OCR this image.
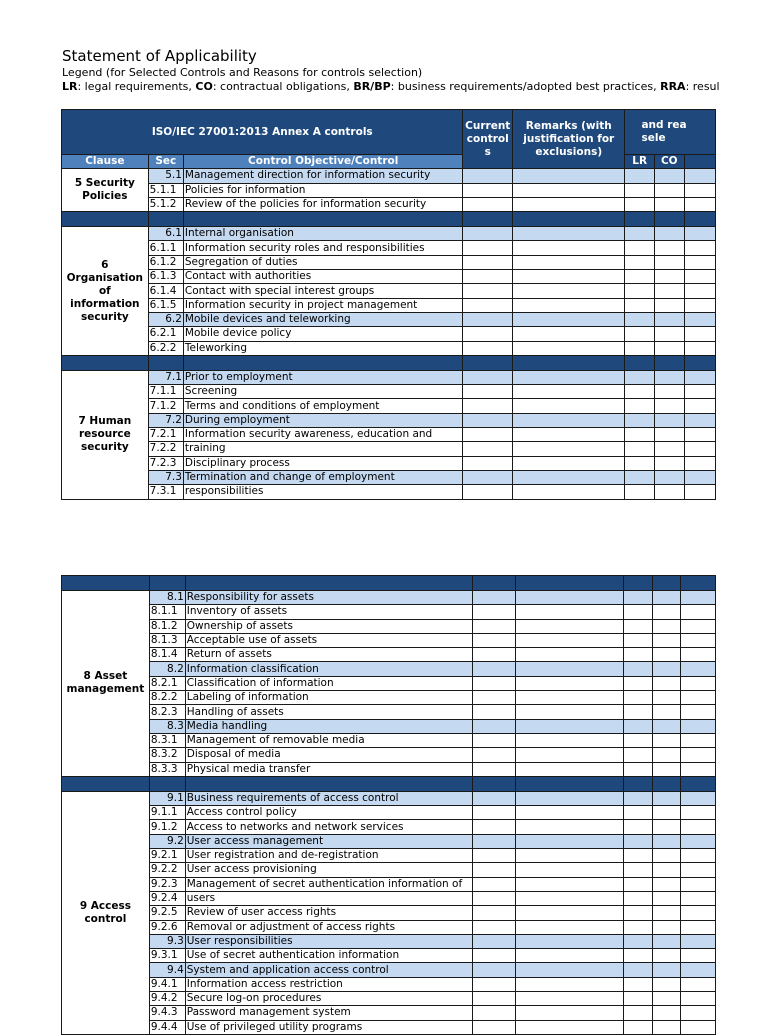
Statement of Applicability
Legend (for Selected Controls and Reasons for controls selection)
LR: legal requirements, CO: contractual obligations, BR/BP: business requirements/adopted best practices, RRA: resul
ISO/IEC 27001:2013 Annex A controls			Current control s	Remarks (with justification for exclusions)	and rea sele		
Clause	Sec	Control Objective/Control			LR	CO	
5 Security Policies	5.1	Management direction for information security					
	5.1.1	Policies for information					
	5.1.2	Review of the policies for information security					

6 Organisation of information security	6.1	Internal organisation					
	6.1.1	Information security roles and responsibilities					
	6.1.2	Segregation of duties					
	6.1.3	Contact with authorities					
	6.1.4	Contact with special interest groups					
	6.1.5	Information security in project management					
	6.2	Mobile devices and teleworking					
	6.2.1	Mobile device policy					
	6.2.2	Teleworking					

7 Human resource security	7.1	Prior to employment					
	7.1.1	Screening					
	7.1.2	Terms and conditions of employment					
	7.2	During employment					
	7.2.1	Information security awareness, education and					
	7.2.2	training					
	7.2.3	Disciplinary process					
	7.3	Termination and change of employment					
	7.3.1	responsibilities					

8 Asset management	8.1	Responsibility for assets					
	8.1.1	Inventory of assets					
	8.1.2	Ownership of assets					
	8.1.3	Acceptable use of assets					
	8.1.4	Return of assets					
	8.2	Information classification					
	8.2.1	Classification of information					
	8.2.2	Labeling of information					
	8.2.3	Handling of assets					
	8.3	Media handling					
	8.3.1	Management of removable media					
	8.3.2	Disposal of media					
	8.3.3	Physical media transfer					

9 Access control	9.1	Business requirements of access control					
	9.1.1	Access control policy					
	9.1.2	Access to networks and network services					
	9.2	User access management					
	9.2.1	User registration and de-registration					
	9.2.2	User access provisioning					
	9.2.3	Management of secret authentication information of					
	9.2.4	users					
	9.2.5	Review of user access rights					
	9.2.6	Removal or adjustment of access rights					
	9.3	User responsibilities					
	9.3.1	Use of secret authentication information					
	9.4	System and application access control					
	9.4.1	Information access restriction					
	9.4.2	Secure log-on procedures					
	9.4.3	Password management system					
	9.4.4	Use of privileged utility programs					
